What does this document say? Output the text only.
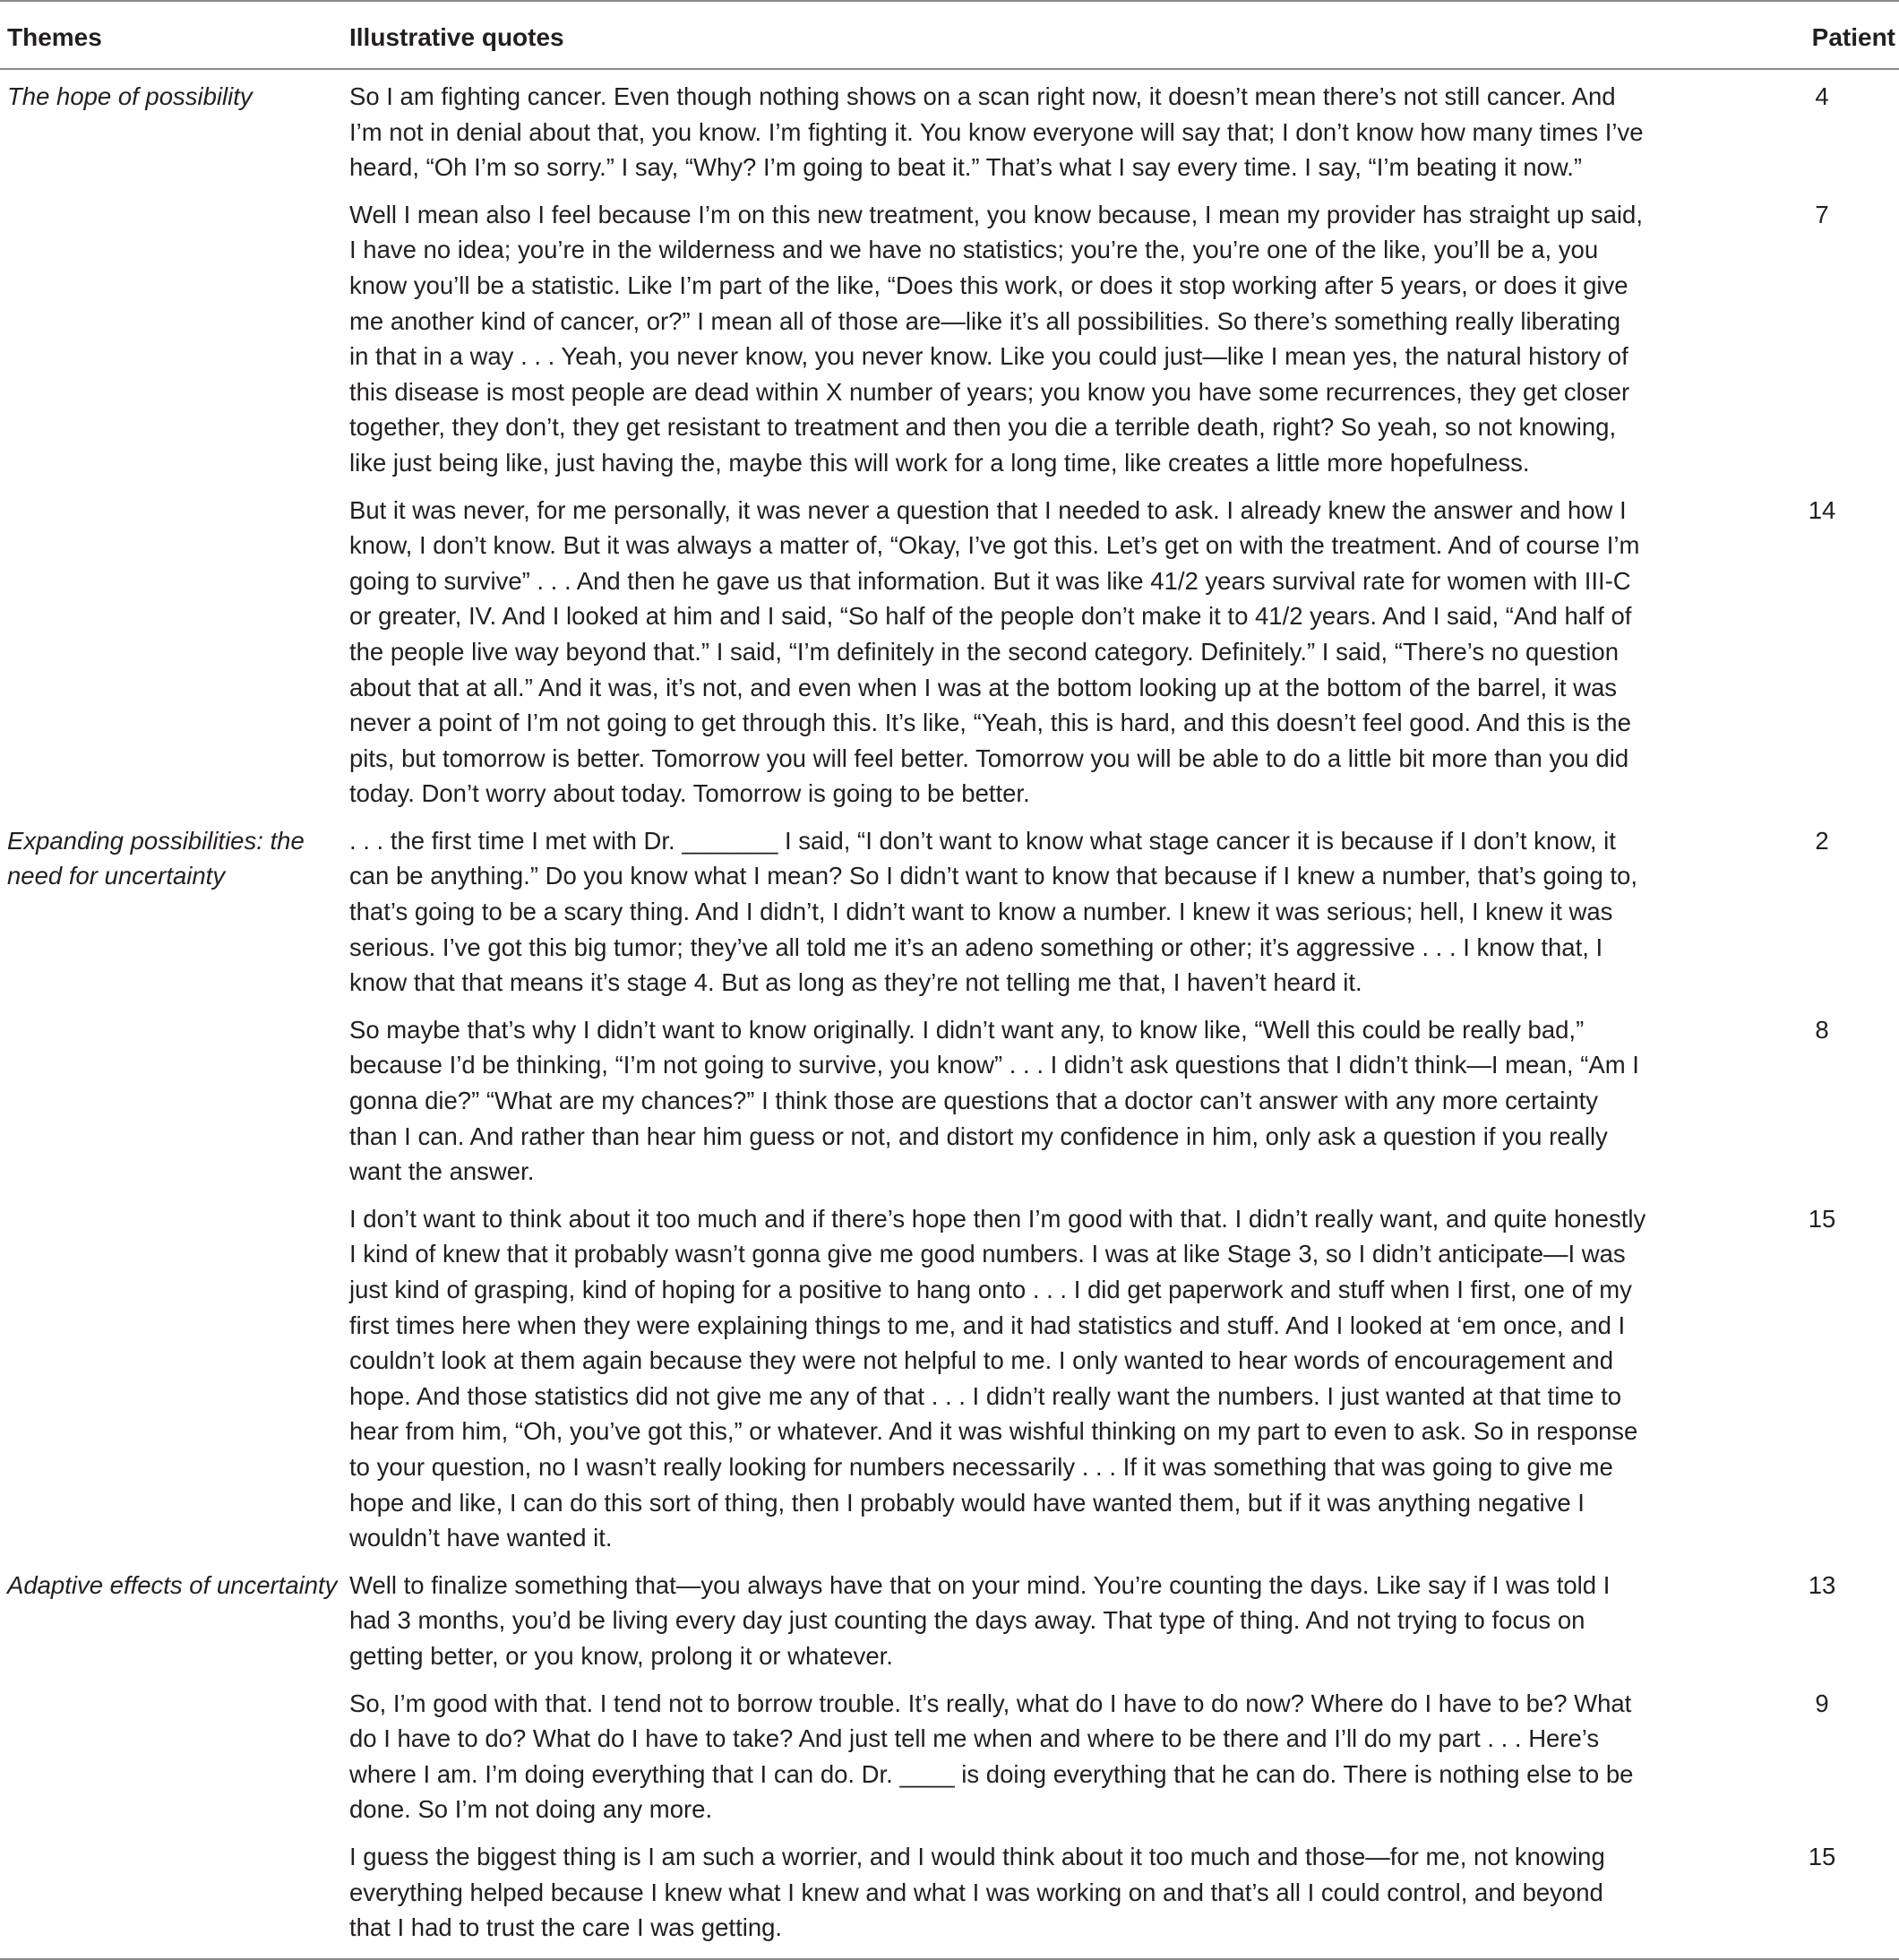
Themes	Illustrative quotes	Patient
The hope of possibility	So I am fighting cancer. Even though nothing shows on a scan right now, it doesn’t mean there’s not still cancer. And I’m not in denial about that, you know. I’m fighting it. You know everyone will say that; I don’t know how many times I’ve heard, “Oh I’m so sorry.” I say, “Why? I’m going to beat it.” That’s what I say every time. I say, “I’m beating it now.”	4
	Well I mean also I feel because I’m on this new treatment, you know because, I mean my provider has straight up said, I have no idea; you’re in the wilderness and we have no statistics; you’re the, you’re one of the like, you’ll be a, you know you’ll be a statistic. Like I’m part of the like, “Does this work, or does it stop working after 5 years, or does it give me another kind of cancer, or?” I mean all of those are—like it’s all possibilities. So there’s something really liberating in that in a way . . . Yeah, you never know, you never know. Like you could just—like I mean yes, the natural history of this disease is most people are dead within X number of years; you know you have some recurrences, they get closer together, they don’t, they get resistant to treatment and then you die a terrible death, right? So yeah, so not knowing, like just being like, just having the, maybe this will work for a long time, like creates a little more hopefulness.	7
	But it was never, for me personally, it was never a question that I needed to ask. I already knew the answer and how I know, I don’t know. But it was always a matter of, “Okay, I’ve got this. Let’s get on with the treatment. And of course I’m going to survive” . . . And then he gave us that information. But it was like 41/2 years survival rate for women with III-C or greater, IV. And I looked at him and I said, “So half of the people don’t make it to 41/2 years. And I said, “And half of the people live way beyond that.” I said, “I’m definitely in the second category. Definitely.” I said, “There’s no question about that at all.” And it was, it’s not, and even when I was at the bottom looking up at the bottom of the barrel, it was never a point of I’m not going to get through this. It’s like, “Yeah, this is hard, and this doesn’t feel good. And this is the pits, but tomorrow is better. Tomorrow you will feel better. Tomorrow you will be able to do a little bit more than you did today. Don’t worry about today. Tomorrow is going to be better.	14
Expanding possibilities: the need for uncertainty	. . . the first time I met with Dr. _______ I said, “I don’t want to know what stage cancer it is because if I don’t know, it can be anything.” Do you know what I mean? So I didn’t want to know that because if I knew a number, that’s going to, that’s going to be a scary thing. And I didn’t, I didn’t want to know a number. I knew it was serious; hell, I knew it was serious. I’ve got this big tumor; they’ve all told me it’s an adeno something or other; it’s aggressive . . . I know that, I know that that means it’s stage 4. But as long as they’re not telling me that, I haven’t heard it.	2
	So maybe that’s why I didn’t want to know originally. I didn’t want any, to know like, “Well this could be really bad,” because I’d be thinking, “I’m not going to survive, you know” . . . I didn’t ask questions that I didn’t think—I mean, “Am I gonna die?” “What are my chances?” I think those are questions that a doctor can’t answer with any more certainty than I can. And rather than hear him guess or not, and distort my confidence in him, only ask a question if you really want the answer.	8
	I don’t want to think about it too much and if there’s hope then I’m good with that. I didn’t really want, and quite honestly I kind of knew that it probably wasn’t gonna give me good numbers. I was at like Stage 3, so I didn’t anticipate—I was just kind of grasping, kind of hoping for a positive to hang onto . . . I did get paperwork and stuff when I first, one of my first times here when they were explaining things to me, and it had statistics and stuff. And I looked at ‘em once, and I couldn’t look at them again because they were not helpful to me. I only wanted to hear words of encouragement and hope. And those statistics did not give me any of that . . . I didn’t really want the numbers. I just wanted at that time to hear from him, “Oh, you’ve got this,” or whatever. And it was wishful thinking on my part to even to ask. So in response to your question, no I wasn’t really looking for numbers necessarily . . . If it was something that was going to give me hope and like, I can do this sort of thing, then I probably would have wanted them, but if it was anything negative I wouldn’t have wanted it.	15
Adaptive effects of uncertainty	Well to finalize something that—you always have that on your mind. You’re counting the days. Like say if I was told I had 3 months, you’d be living every day just counting the days away. That type of thing. And not trying to focus on getting better, or you know, prolong it or whatever.	13
	So, I’m good with that. I tend not to borrow trouble. It’s really, what do I have to do now? Where do I have to be? What do I have to do? What do I have to take? And just tell me when and where to be there and I’ll do my part . . . Here’s where I am. I’m doing everything that I can do. Dr. ____ is doing everything that he can do. There is nothing else to be done. So I’m not doing any more.	9
	I guess the biggest thing is I am such a worrier, and I would think about it too much and those—for me, not knowing everything helped because I knew what I knew and what I was working on and that’s all I could control, and beyond that I had to trust the care I was getting.	15
